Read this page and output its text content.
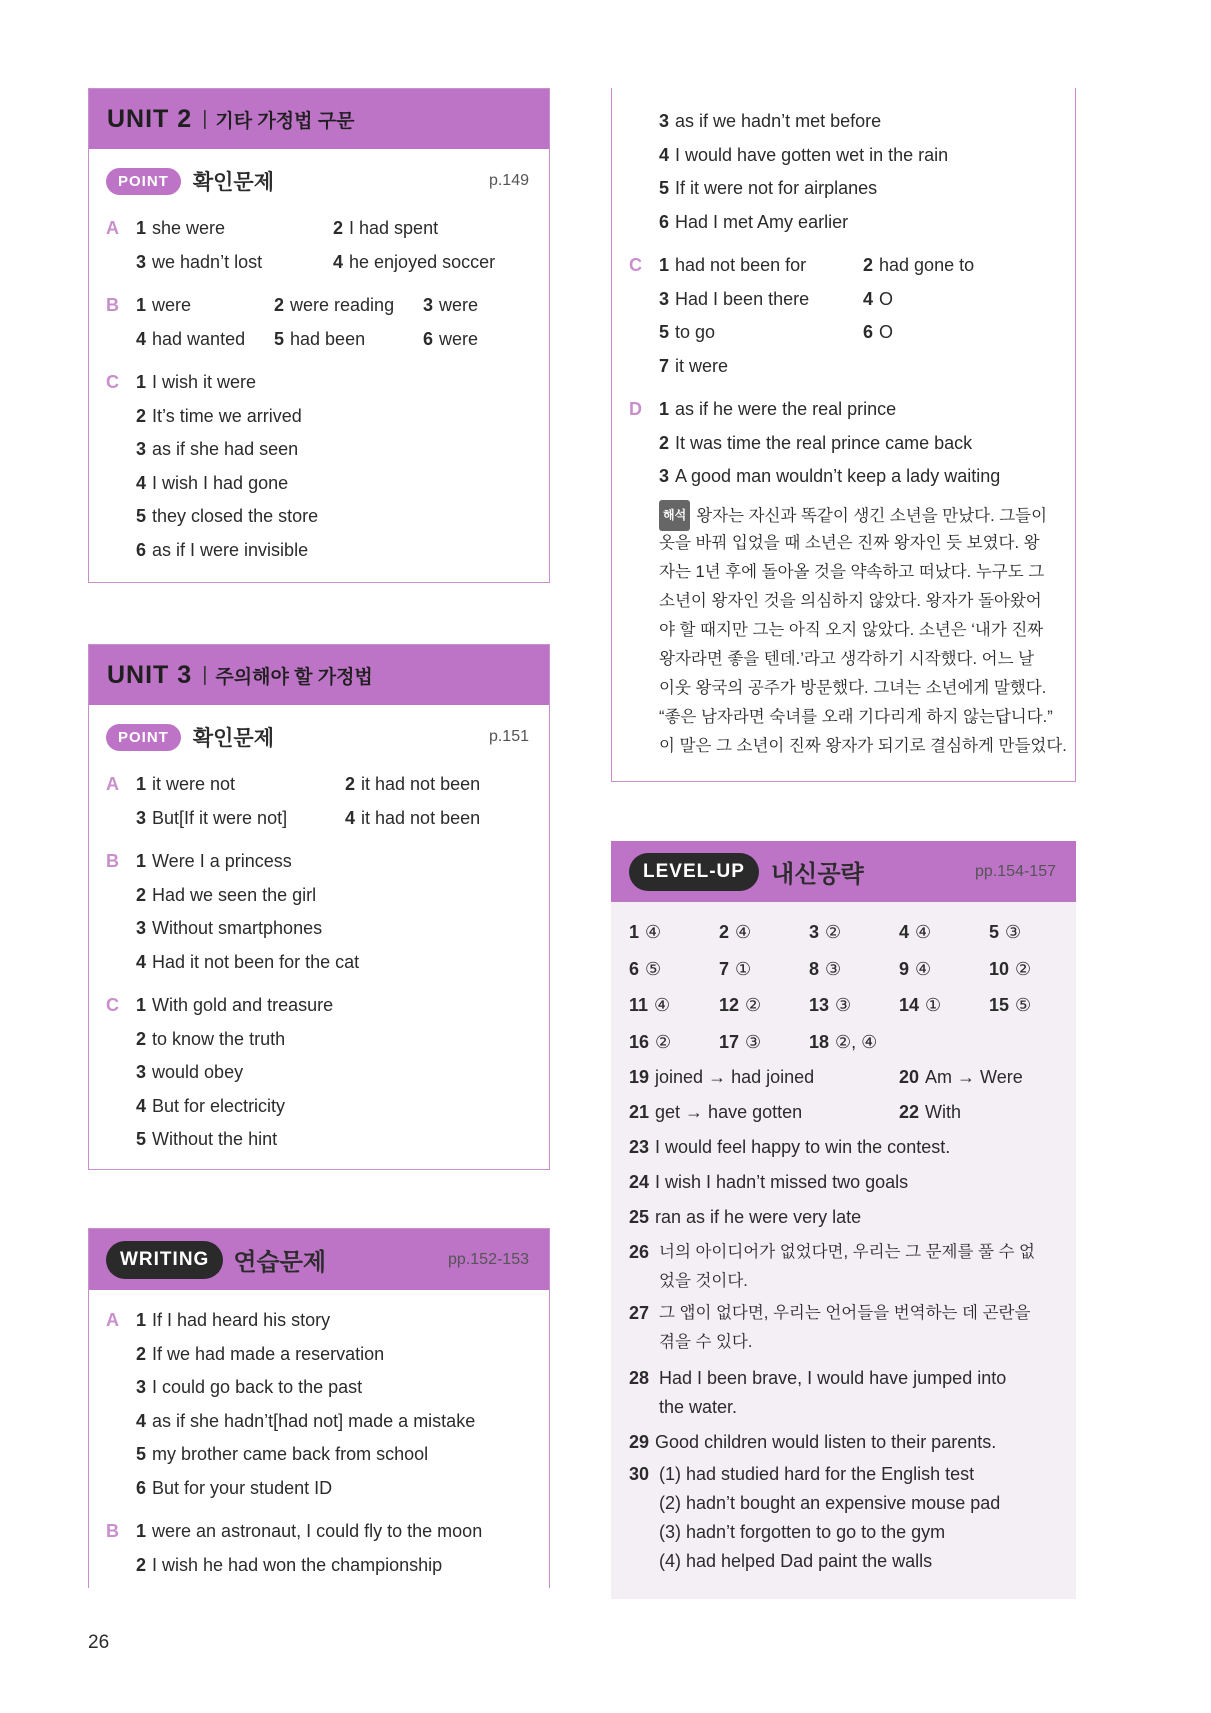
UNIT 2 | 기타 가정법 구문
POINT	확인문제	p.149
A 1 she were	2 I had spent
3 we hadn’t lost	4 he enjoyed soccer
B 1 were	2 were reading 3 were
4 had wanted 5 had been	6 were
C 1 I wish it were
2 It’s time we arrived
3 as if she had seen
4 I wish I had gone
5 they closed the store
6 as if I were invisible
UNIT 3 | 주의해야 할 가정법
POINT	확인문제	p.151
A 1 it were not	2 it had not been
3 But[If it were not]	4 it had not been
B 1 Were I a princess
2 Had we seen the girl
3 Without smartphones
4 Had it not been for the cat
C 1 With gold and treasure
2 to know the truth
3 would obey
4 But for electricity
5 Without the hint
WRITING	연습문제	pp.152-153
A 1 If I had heard his story
2 If we had made a reservation
3 I could go back to the past
4 as if she hadn’t[had not] made a mistake
5 my brother came back from school
6 But for your student ID
B 1 were an astronaut, I could fly to the moon
2 I wish he had won the championship
3 as if we hadn’t met before
4 I would have gotten wet in the rain
5 If it were not for airplanes
6 Had I met Amy earlier
C 1 had not been for	2 had gone to
3 Had I been there	4 O
5 to go	6 O
7 it were
D 1 as if he were the real prince
2 It was time the real prince came back
3 A good man wouldn’t keep a lady waiting
해석 왕자는 자신과 똑같이 생긴 소년을 만났다. 그들이
옷을 바꿔 입었을 때 소년은 진짜 왕자인 듯 보였다. 왕
자는 1년 후에 돌아올 것을 약속하고 떠났다. 누구도 그
소년이 왕자인 것을 의심하지 않았다. 왕자가 돌아왔어
야 할 때지만 그는 아직 오지 않았다. 소년은 ‘내가 진짜
왕자라면 좋을 텐데.’라고 생각하기 시작했다. 어느 날
이웃 왕국의 공주가 방문했다. 그녀는 소년에게 말했다.
“좋은 남자라면 숙녀를 오래 기다리게 하지 않는답니다.”
이 말은 그 소년이 진짜 왕자가 되기로 결심하게 만들었다.
LEVEL-UP	내신공략	pp.154-157
1 ④	2 ④	3 ②	4 ④	5 ③
6 ⑤	7 ①	8 ③	9 ④	10 ②
11 ④	12 ②	13 ③	14 ①	15 ⑤
16 ②	17 ③	18 ②, ④
19 joined → had joined	20 Am → Were
21 get → have gotten	22 With
23 I would feel happy to win the contest.
24 I wish I hadn’t missed two goals
25 ran as if he were very late
26 너의 아이디어가 없었다면, 우리는 그 문제를 풀 수 없
었을 것이다.
27 그 앱이 없다면, 우리는 언어들을 번역하는 데 곤란을
겪을 수 있다.
28 Had I been brave, I would have jumped into
the water.
29 Good children would listen to their parents.
30 (1) had studied hard for the English test
(2) hadn’t bought an expensive mouse pad
(3) hadn’t forgotten to go to the gym
(4) had helped Dad paint the walls
26
